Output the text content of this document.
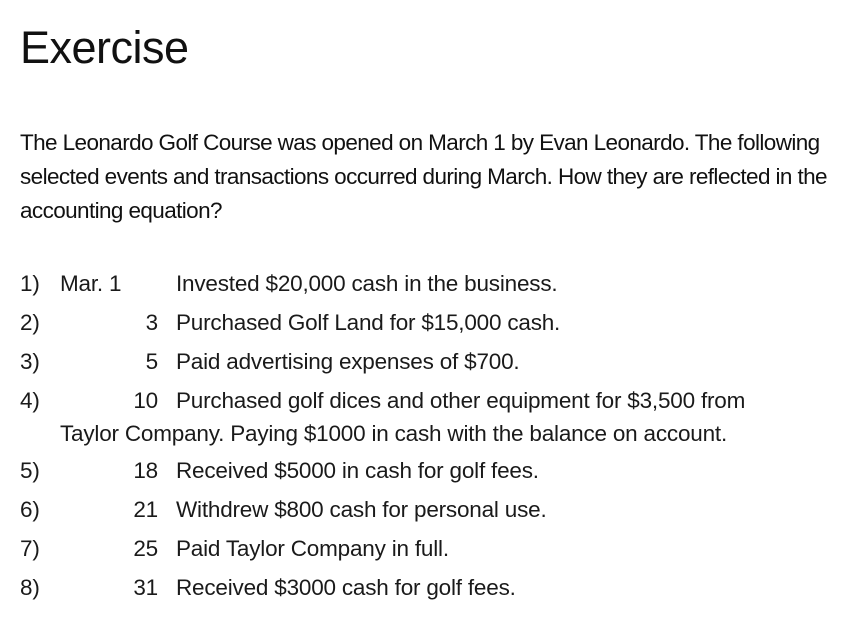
Exercise

The Leonardo Golf Course was opened on March 1 by Evan Leonardo. The following selected events and transactions occurred during March. How they are reflected in the accounting equation?

1) Mar. 1	Invested $20,000 cash in the business.
2)	3 Purchased Golf Land for $15,000 cash.
3)	5 Paid advertising expenses of $700.
4)	10 Purchased golf dices and other equipment for $3,500 from
Taylor Company. Paying $1000 in cash with the balance on account.
5)	18 Received $5000 in cash for golf fees.
6)	21 Withdrew $800 cash for personal use.
7)	25 Paid Taylor Company in full.
8)	31 Received $3000 cash for golf fees.
